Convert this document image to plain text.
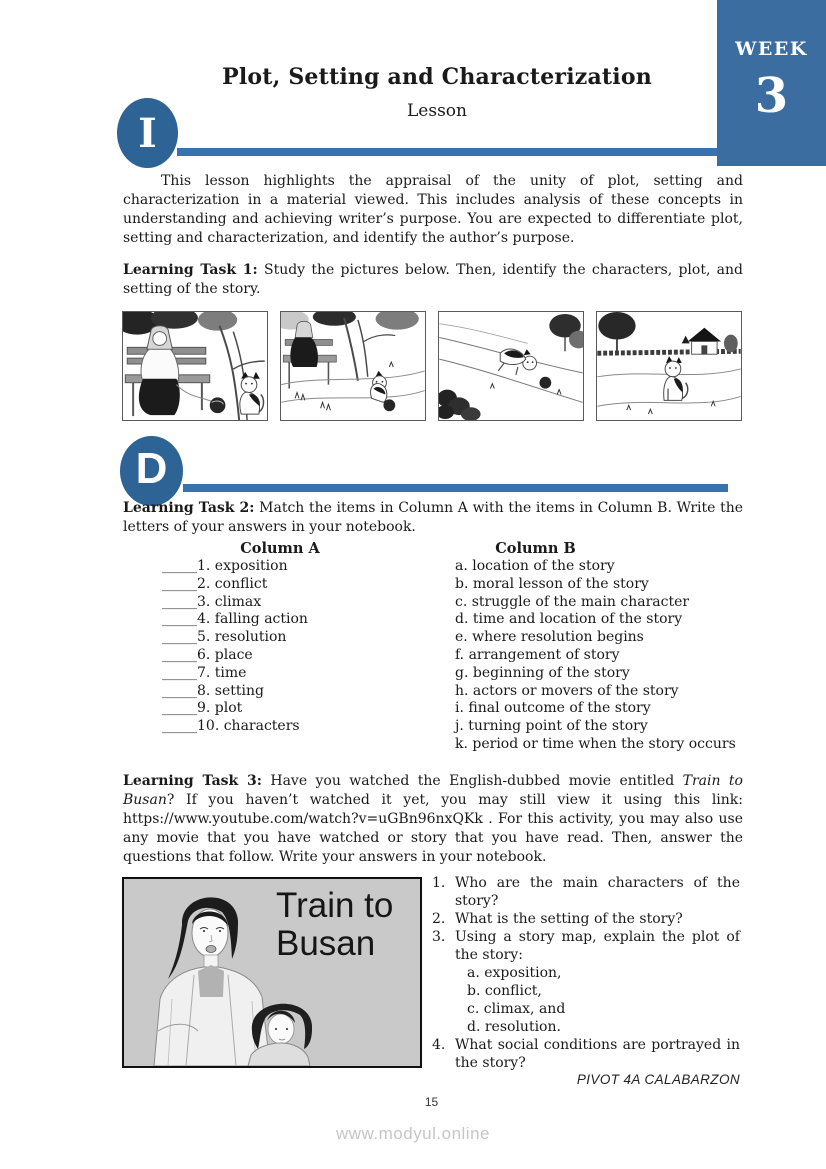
WEEK
3
Plot, Setting and Characterization
Lesson
I
This lesson highlights the appraisal of the unity of plot, setting and characterization in a material viewed. This includes analysis of these concepts in understanding and achieving writer’s purpose. You are expected to differentiate plot, setting and characterization, and identify the author’s purpose.
Learning Task 1: Study the pictures below. Then, identify the characters, plot, and setting of the story.
D
Learning Task 2: Match the items in Column A with the items in Column B. Write the letters of your answers in your notebook.
Column A	Column B
_____1. exposition
_____2. conflict
_____3. climax
_____4. falling action
_____5. resolution
_____6. place
_____7. time
_____8. setting
_____9. plot
_____10. characters
a. location of the story
b. moral lesson of the story
c. struggle of the main character
d. time and location of the story
e. where resolution begins
f. arrangement of story
g. beginning of the story
h. actors or movers of the story
i. final outcome of the story
j. turning point of the story
k. period or time when the story occurs
Learning Task 3: Have you watched the English-dubbed movie entitled Train to Busan? If you haven’t watched it yet, you may still view it using this link: https://www.youtube.com/watch?v=uGBn96nxQKk . For this activity, you may also use any movie that you have watched or story that you have read. Then, answer the questions that follow. Write your answers in your notebook.
Train to
Busan
1. Who are the main characters of the story?
2. What is the setting of the story?
3. Using a story map, explain the plot of the story:
a. exposition,
b. conflict,
c. climax, and
d. resolution.
4. What social conditions are portrayed in the story?
PIVOT 4A CALABARZON
15
www.modyul.online
